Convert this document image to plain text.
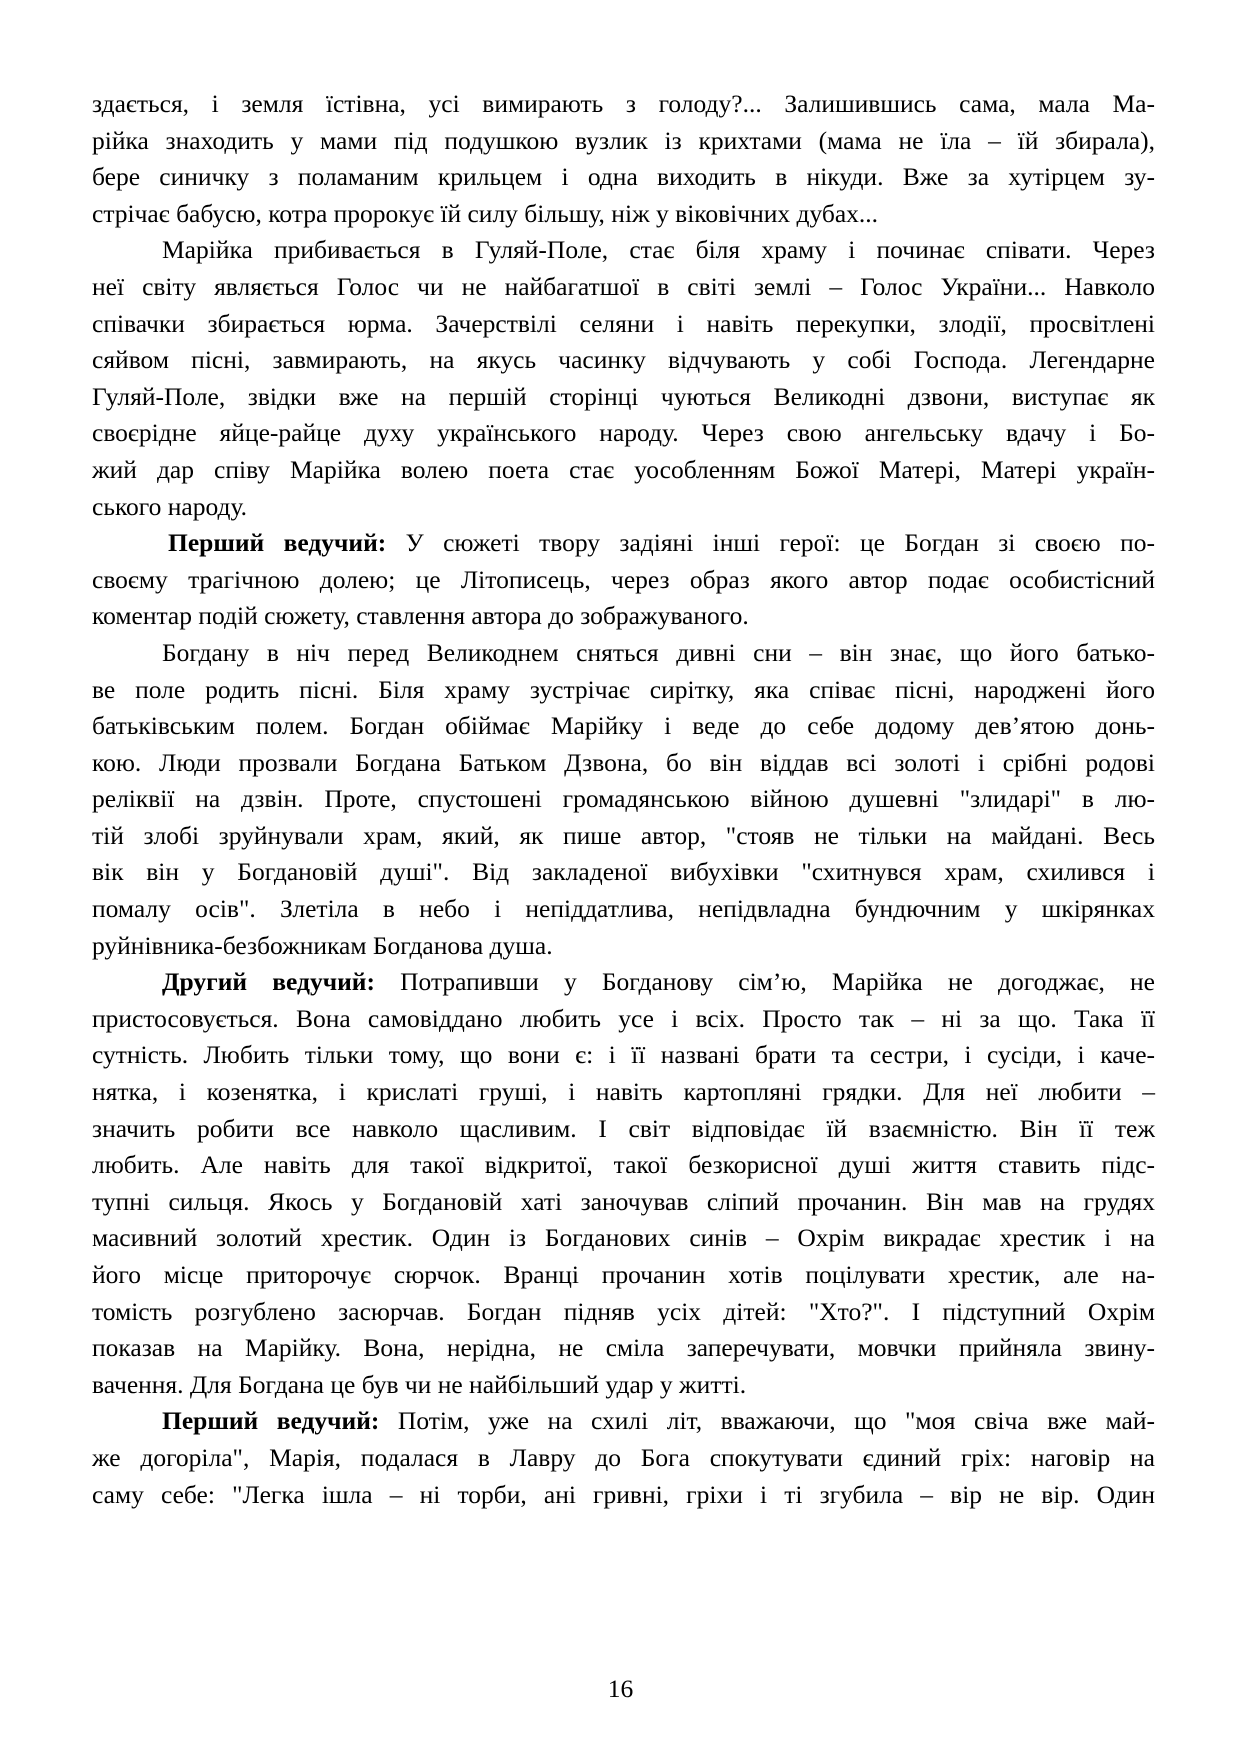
здається, і земля їстівна, усі вимирають з голоду?... Залишившись сама, мала Ма-
рійка знаходить у мами під подушкою вузлик із крихтами (мама не їла – їй збирала),
бере синичку з поламаним крильцем і одна виходить в нікуди. Вже за хутірцем зу-
стрічає бабусю, котра пророкує їй силу більшу, ніж у віковічних дубах...
Марійка прибивається в Гуляй-Поле, стає біля храму і починає співати. Через
неї світу являється Голос чи не найбагатшої в світі землі – Голос України... Навколо
співачки збирається юрма. Зачерствілі селяни і навіть перекупки, злодії, просвітлені
сяйвом пісні, завмирають, на якусь часинку відчувають у собі Господа. Легендарне
Гуляй-Поле, звідки вже на першій сторінці чуються Великодні дзвони, виступає як
своєрідне яйце-райце духу українського народу. Через свою ангельську вдачу і Бо-
жий дар співу Марійка волею поета стає уособленням Божої Матері, Матері україн-
ського народу.
Перший ведучий: У сюжеті твору задіяні інші герої: це Богдан зі своєю по-
своєму трагічною долею; це Літописець, через образ якого автор подає особистісний
коментар подій сюжету, ставлення автора до зображуваного.
Богдану в ніч перед Великоднем сняться дивні сни – він знає, що його батько-
ве поле родить пісні. Біля храму зустрічає сирітку, яка співає пісні, народжені його
батьківським полем. Богдан обіймає Марійку і веде до себе додому дев’ятою донь-
кою. Люди прозвали Богдана Батьком Дзвона, бо він віддав всі золоті і срібні родові
реліквії на дзвін. Проте, спустошені громадянською війною душевні "злидарі" в лю-
тій злобі зруйнували храм, який, як пише автор, "стояв не тільки на майдані. Весь
вік він у Богдановій душі". Від закладеної вибухівки "схитнувся храм, схилився і
помалу осів". Злетіла в небо і непіддатлива, непідвладна бундючним у шкірянках
руйнівника-безбожникам Богданова душа.
Другий ведучий: Потрапивши у Богданову сім’ю, Марійка не догоджає, не
пристосовується. Вона самовіддано любить усе і всіх. Просто так – ні за що. Така її
сутність. Любить тільки тому, що вони є: і її названі брати та сестри, і сусіди, і каче-
нятка, і козенятка, і крислаті груші, і навіть картопляні грядки. Для неї любити –
значить робити все навколо щасливим. І світ відповідає їй взаємністю. Він її теж
любить. Але навіть для такої відкритої, такої безкорисної душі життя ставить підс-
тупні сильця. Якось у Богдановій хаті заночував сліпий прочанин. Він мав на грудях
масивний золотий хрестик. Один із Богданових синів – Охрім викрадає хрестик і на
його місце приторочує сюрчок. Вранці прочанин хотів поцілувати хрестик, але на-
томість розгублено засюрчав. Богдан підняв усіх дітей: "Хто?". І підступний Охрім
показав на Марійку. Вона, нерідна, не сміла заперечувати, мовчки прийняла звину-
вачення. Для Богдана це був чи не найбільший удар у житті.
Перший ведучий: Потім, уже на схилі літ, вважаючи, що "моя свіча вже май-
же догоріла", Марія, подалася в Лавру до Бога спокутувати єдиний гріх: наговір на
саму себе: "Легка ішла – ні торби, ані гривні, гріхи і ті згубила – вір не вір. Один
16
